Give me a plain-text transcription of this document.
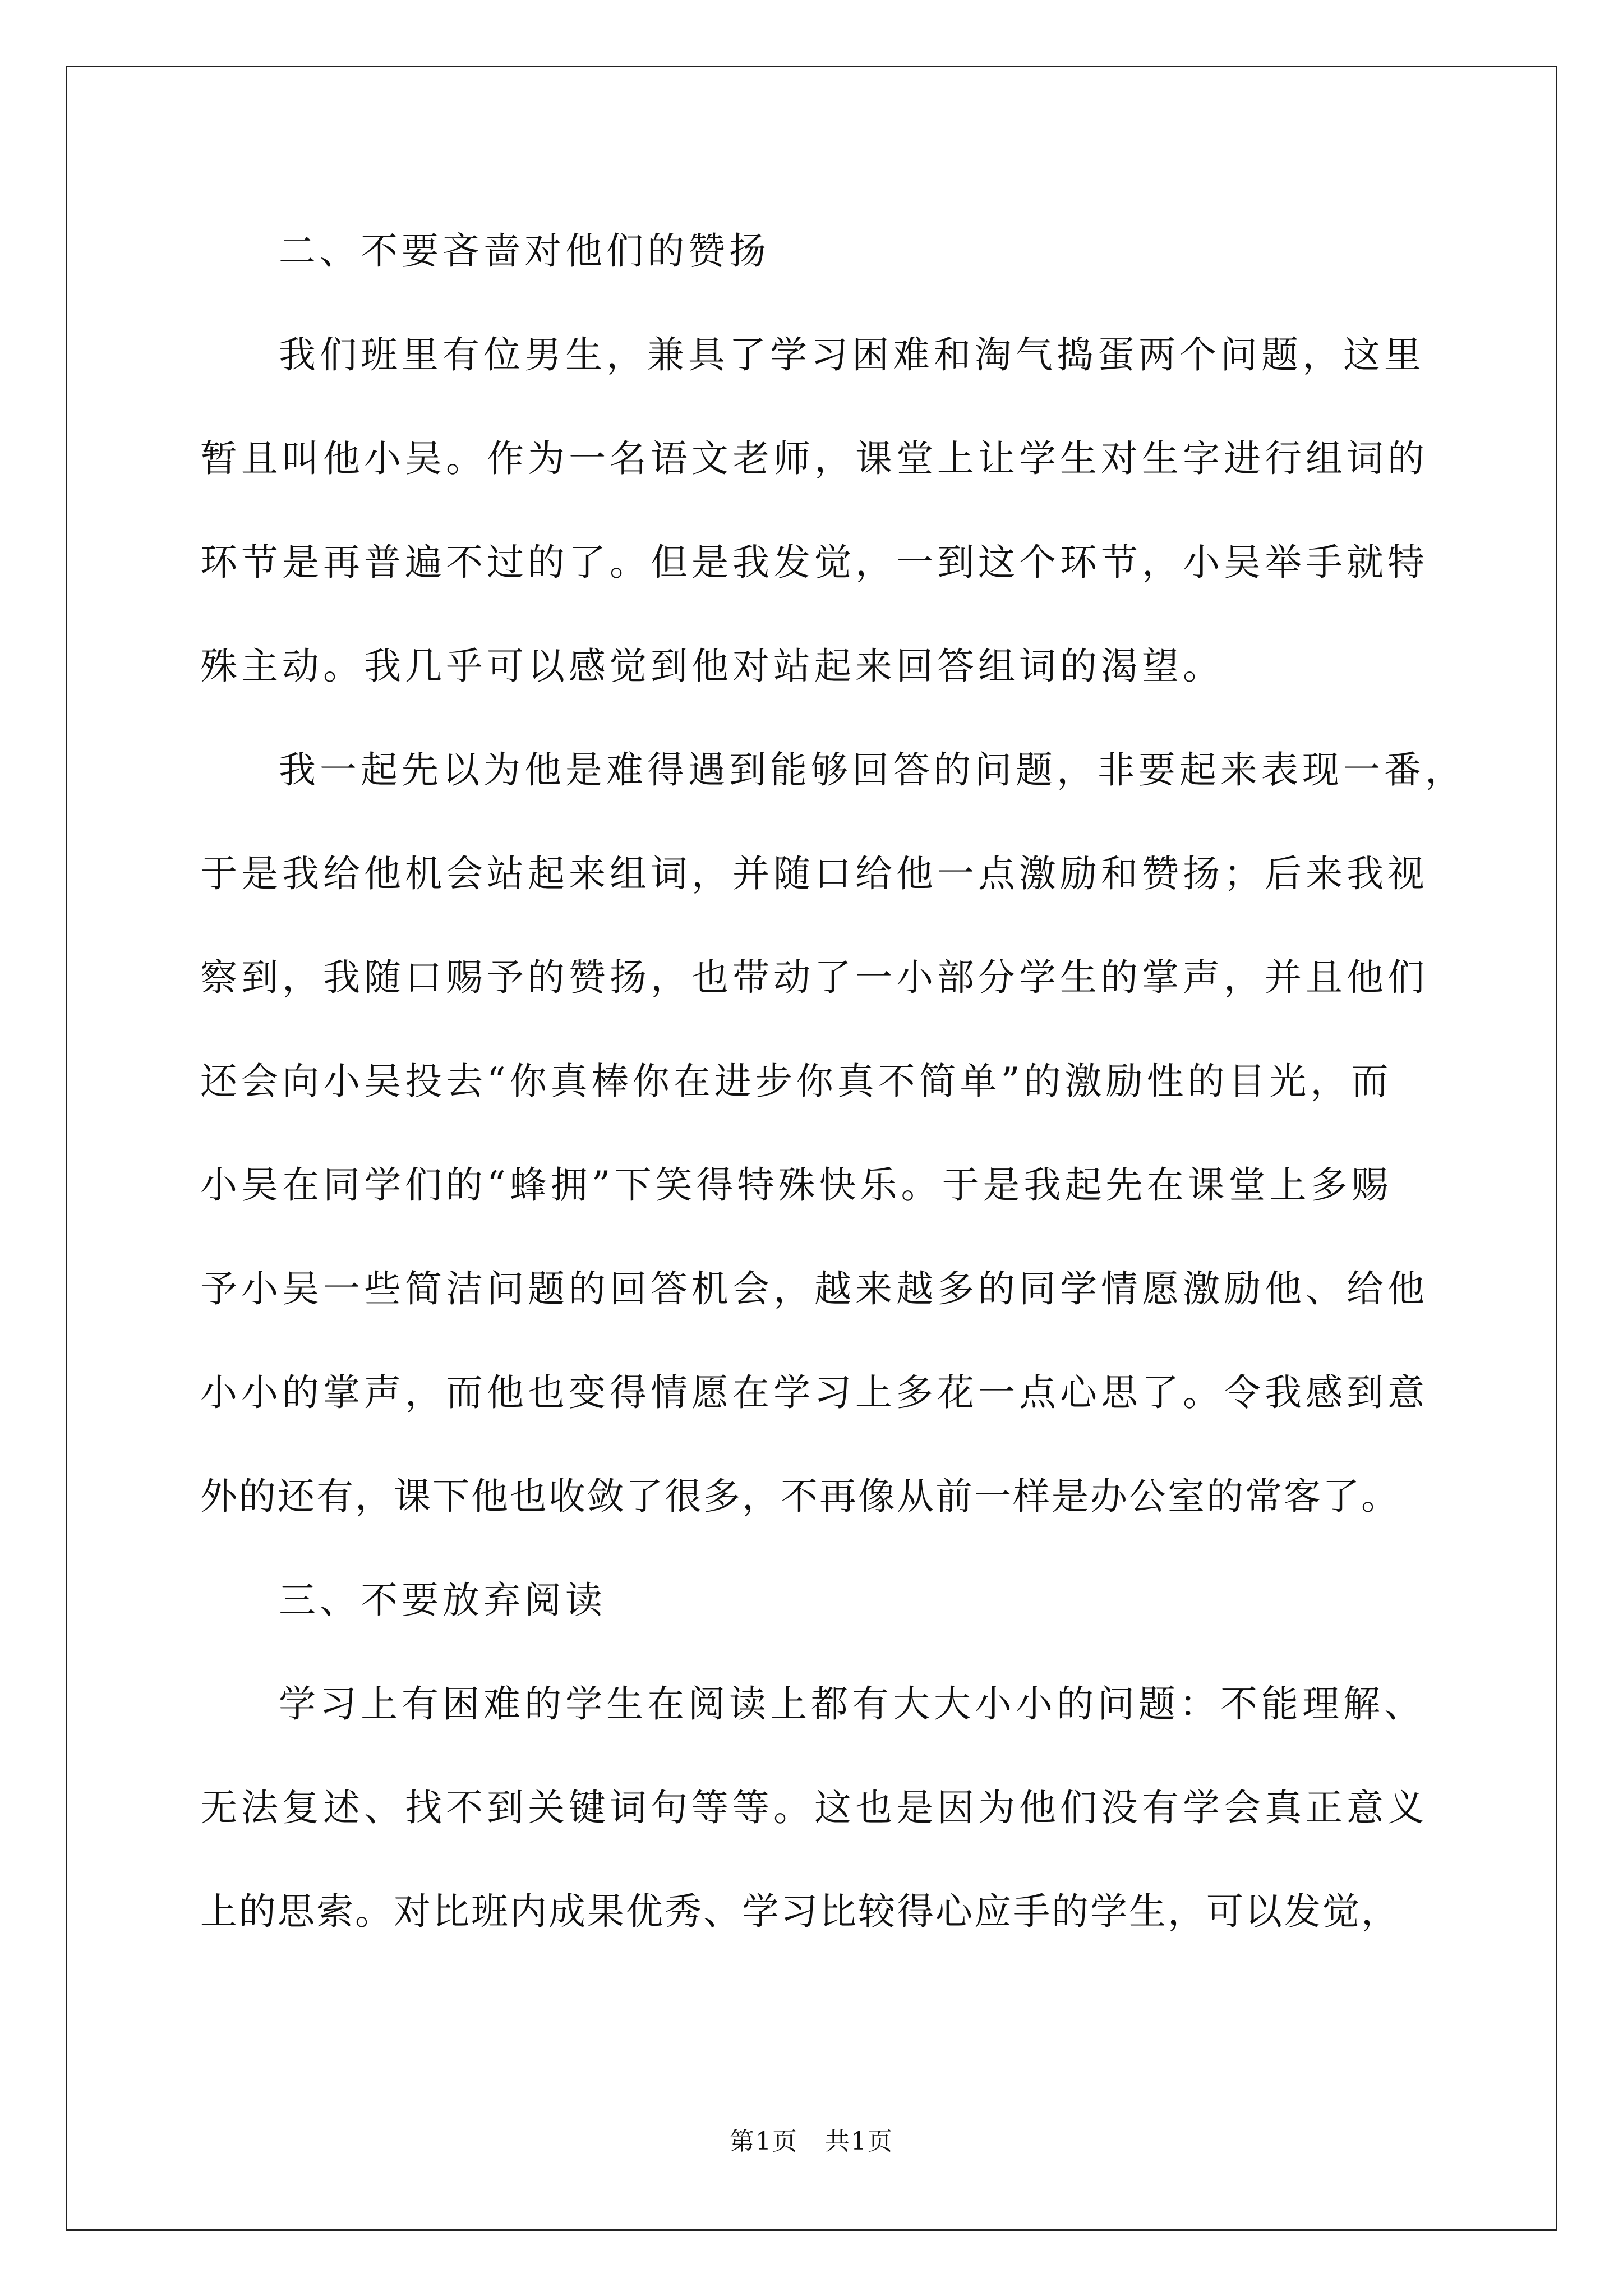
二、不要吝啬对他们的赞扬
我们班里有位男生，兼具了学习困难和淘气捣蛋两个问题，这里
暂且叫他小吴。作为一名语文老师，课堂上让学生对生字进行组词的
环节是再普遍不过的了。但是我发觉，一到这个环节，小吴举手就特
殊主动。我几乎可以感觉到他对站起来回答组词的渴望。
我一起先以为他是难得遇到能够回答的问题，非要起来表现一番，
于是我给他机会站起来组词，并随口给他一点激励和赞扬；后来我视
察到，我随口赐予的赞扬，也带动了一小部分学生的掌声，并且他们
还会向小吴投去“你真棒你在进步你真不简单”的激励性的目光，而
小吴在同学们的“蜂拥”下笑得特殊快乐。于是我起先在课堂上多赐
予小吴一些简洁问题的回答机会，越来越多的同学情愿激励他、给他
小小的掌声，而他也变得情愿在学习上多花一点心思了。令我感到意
外的还有，课下他也收敛了很多，不再像从前一样是办公室的常客了。
三、不要放弃阅读
学习上有困难的学生在阅读上都有大大小小的问题：不能理解、
无法复述、找不到关键词句等等。这也是因为他们没有学会真正意义
上的思索。对比班内成果优秀、学习比较得心应手的学生，可以发觉，
第1页 共1页
